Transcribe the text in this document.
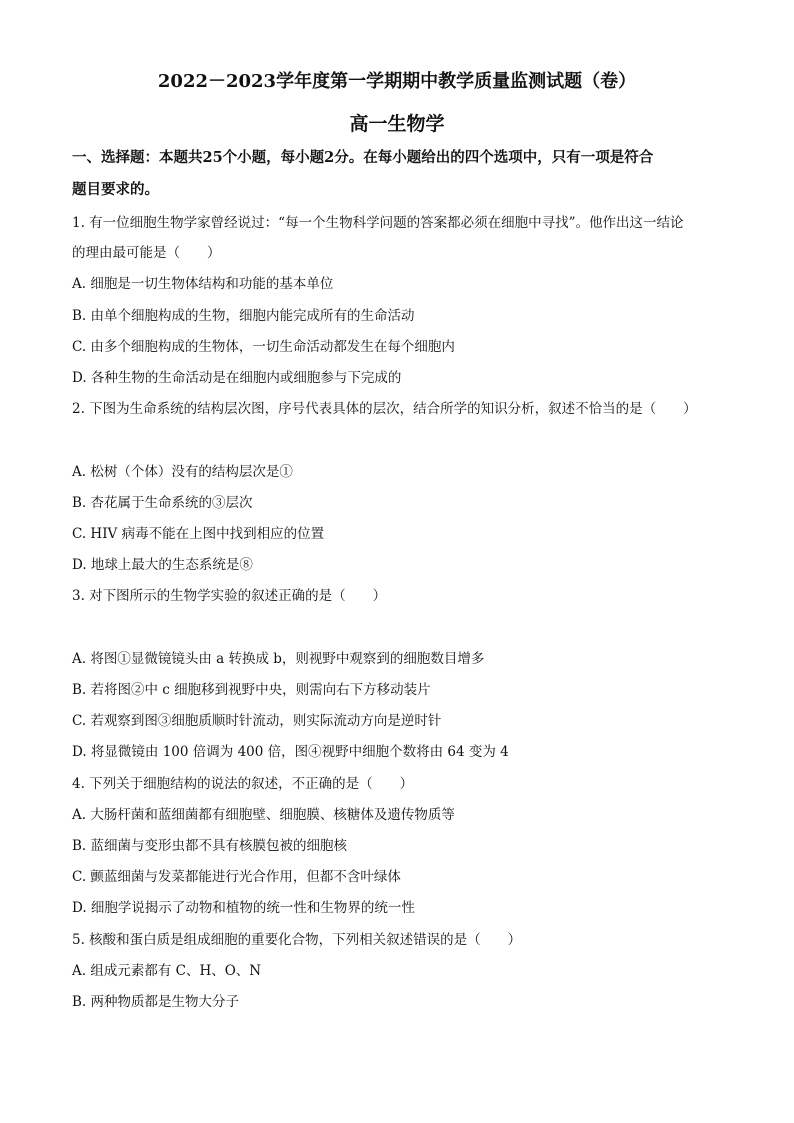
2022－2023学年度第一学期期中教学质量监测试题（卷）
高一生物学
一、选择题：本题共25个小题，每小题2分。在每小题给出的四个选项中，只有一项是符合
题目要求的。
1. 有一位细胞生物学家曾经说过：“每一个生物科学问题的答案都必须在细胞中寻找”。他作出这一结论
的理由最可能是（　　）
A. 细胞是一切生物体结构和功能的基本单位
B. 由单个细胞构成的生物，细胞内能完成所有的生命活动
C. 由多个细胞构成的生物体，一切生命活动都发生在每个细胞内
D. 各种生物的生命活动是在细胞内或细胞参与下完成的
2. 下图为生命系统的结构层次图，序号代表具体的层次，结合所学的知识分析，叙述不恰当的是（　　）
A. 松树（个体）没有的结构层次是①
B. 杏花属于生命系统的③层次
C. HIV 病毒不能在上图中找到相应的位置
D. 地球上最大的生态系统是⑧
3. 对下图所示的生物学实验的叙述正确的是（　　）
A. 将图①显微镜镜头由 a 转换成 b，则视野中观察到的细胞数目增多
B. 若将图②中 c 细胞移到视野中央，则需向右下方移动装片
C. 若观察到图③细胞质顺时针流动，则实际流动方向是逆时针
D. 将显微镜由 100 倍调为 400 倍，图④视野中细胞个数将由 64 变为 4
4. 下列关于细胞结构的说法的叙述，不正确的是（　　）
A. 大肠杆菌和蓝细菌都有细胞壁、细胞膜、核糖体及遗传物质等
B. 蓝细菌与变形虫都不具有核膜包被的细胞核
C. 颤蓝细菌与发菜都能进行光合作用，但都不含叶绿体
D. 细胞学说揭示了动物和植物的统一性和生物界的统一性
5. 核酸和蛋白质是组成细胞的重要化合物，下列相关叙述错误的是（　　）
A. 组成元素都有 C、H、O、N
B. 两种物质都是生物大分子
